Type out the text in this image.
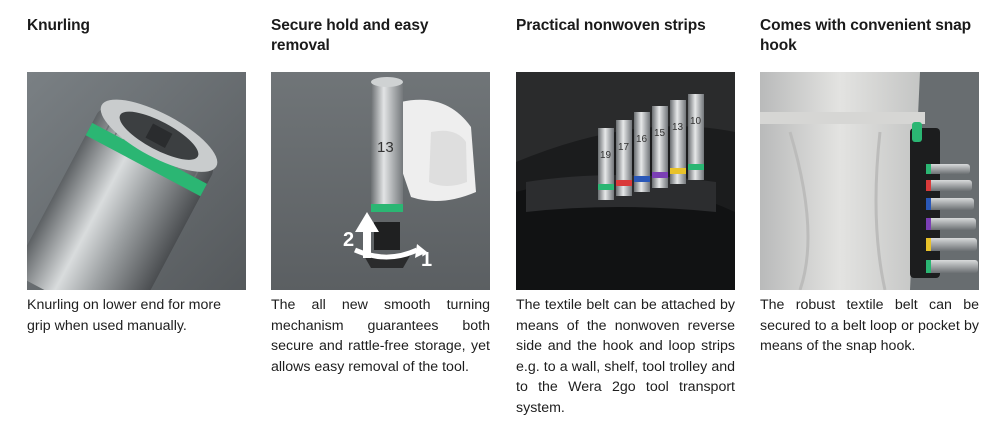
Knurling

Knurling on lower end for more grip when used manually.

Secure hold and easy removal
13
2
1

The all new smooth turning mechanism guarantees both secure and rattle-free storage, yet allows easy removal of the tool.

Practical nonwoven strips
19
17
16
15
13
10

The textile belt can be attached by means of the nonwoven reverse side and the hook and loop strips e.g. to a wall, shelf, tool trolley and to the Wera 2go tool transport system.

Comes with convenient snap hook

The robust textile belt can be secured to a belt loop or pocket by means of the snap hook.
